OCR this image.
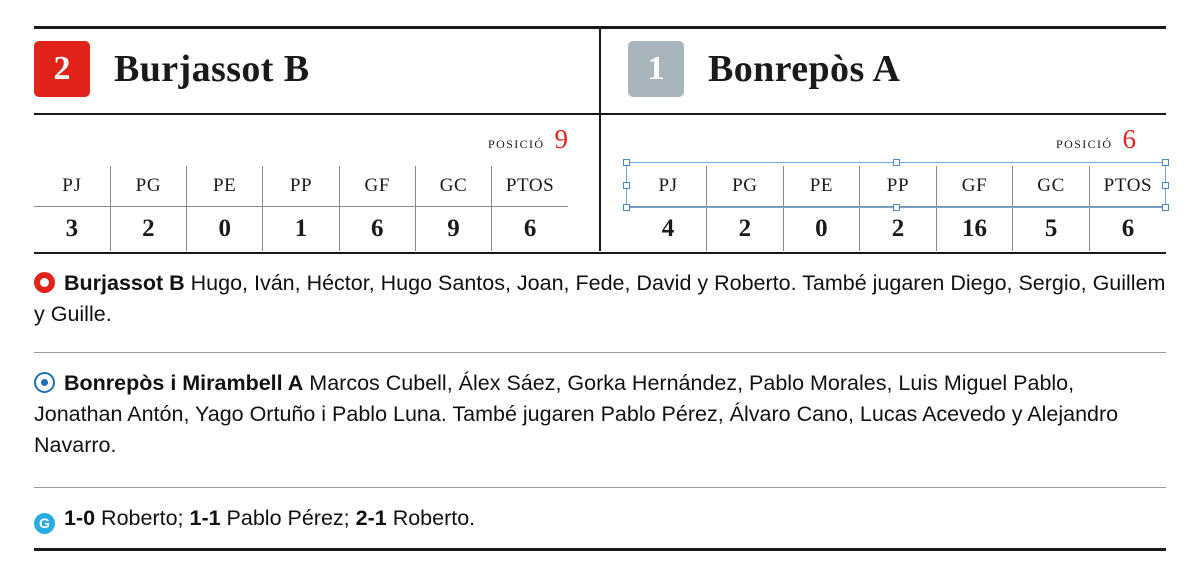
2	Burjassot B	1	Bonrepòs A
posició 9	posició 6
PJ	PG	PE	PP	GF	GC	PTOS
3	2	0	1	6	9	6
PJ	PG	PE	PP	GF	GC	PTOS
4	2	0	2	16	5	6
Burjassot B Hugo, Iván, Héctor, Hugo Santos, Joan, Fede, David y Roberto. També jugaren Diego, Sergio, Guillem y Guille.
Bonrepòs i Mirambell A Marcos Cubell, Álex Sáez, Gorka Hernández, Pablo Morales, Luis Miguel Pablo, Jonathan Antón, Yago Ortuño i Pablo Luna. També jugaren Pablo Pérez, Álvaro Cano, Lucas Acevedo y Alejandro Navarro.
G 1-0 Roberto; 1-1 Pablo Pérez; 2-1 Roberto.
